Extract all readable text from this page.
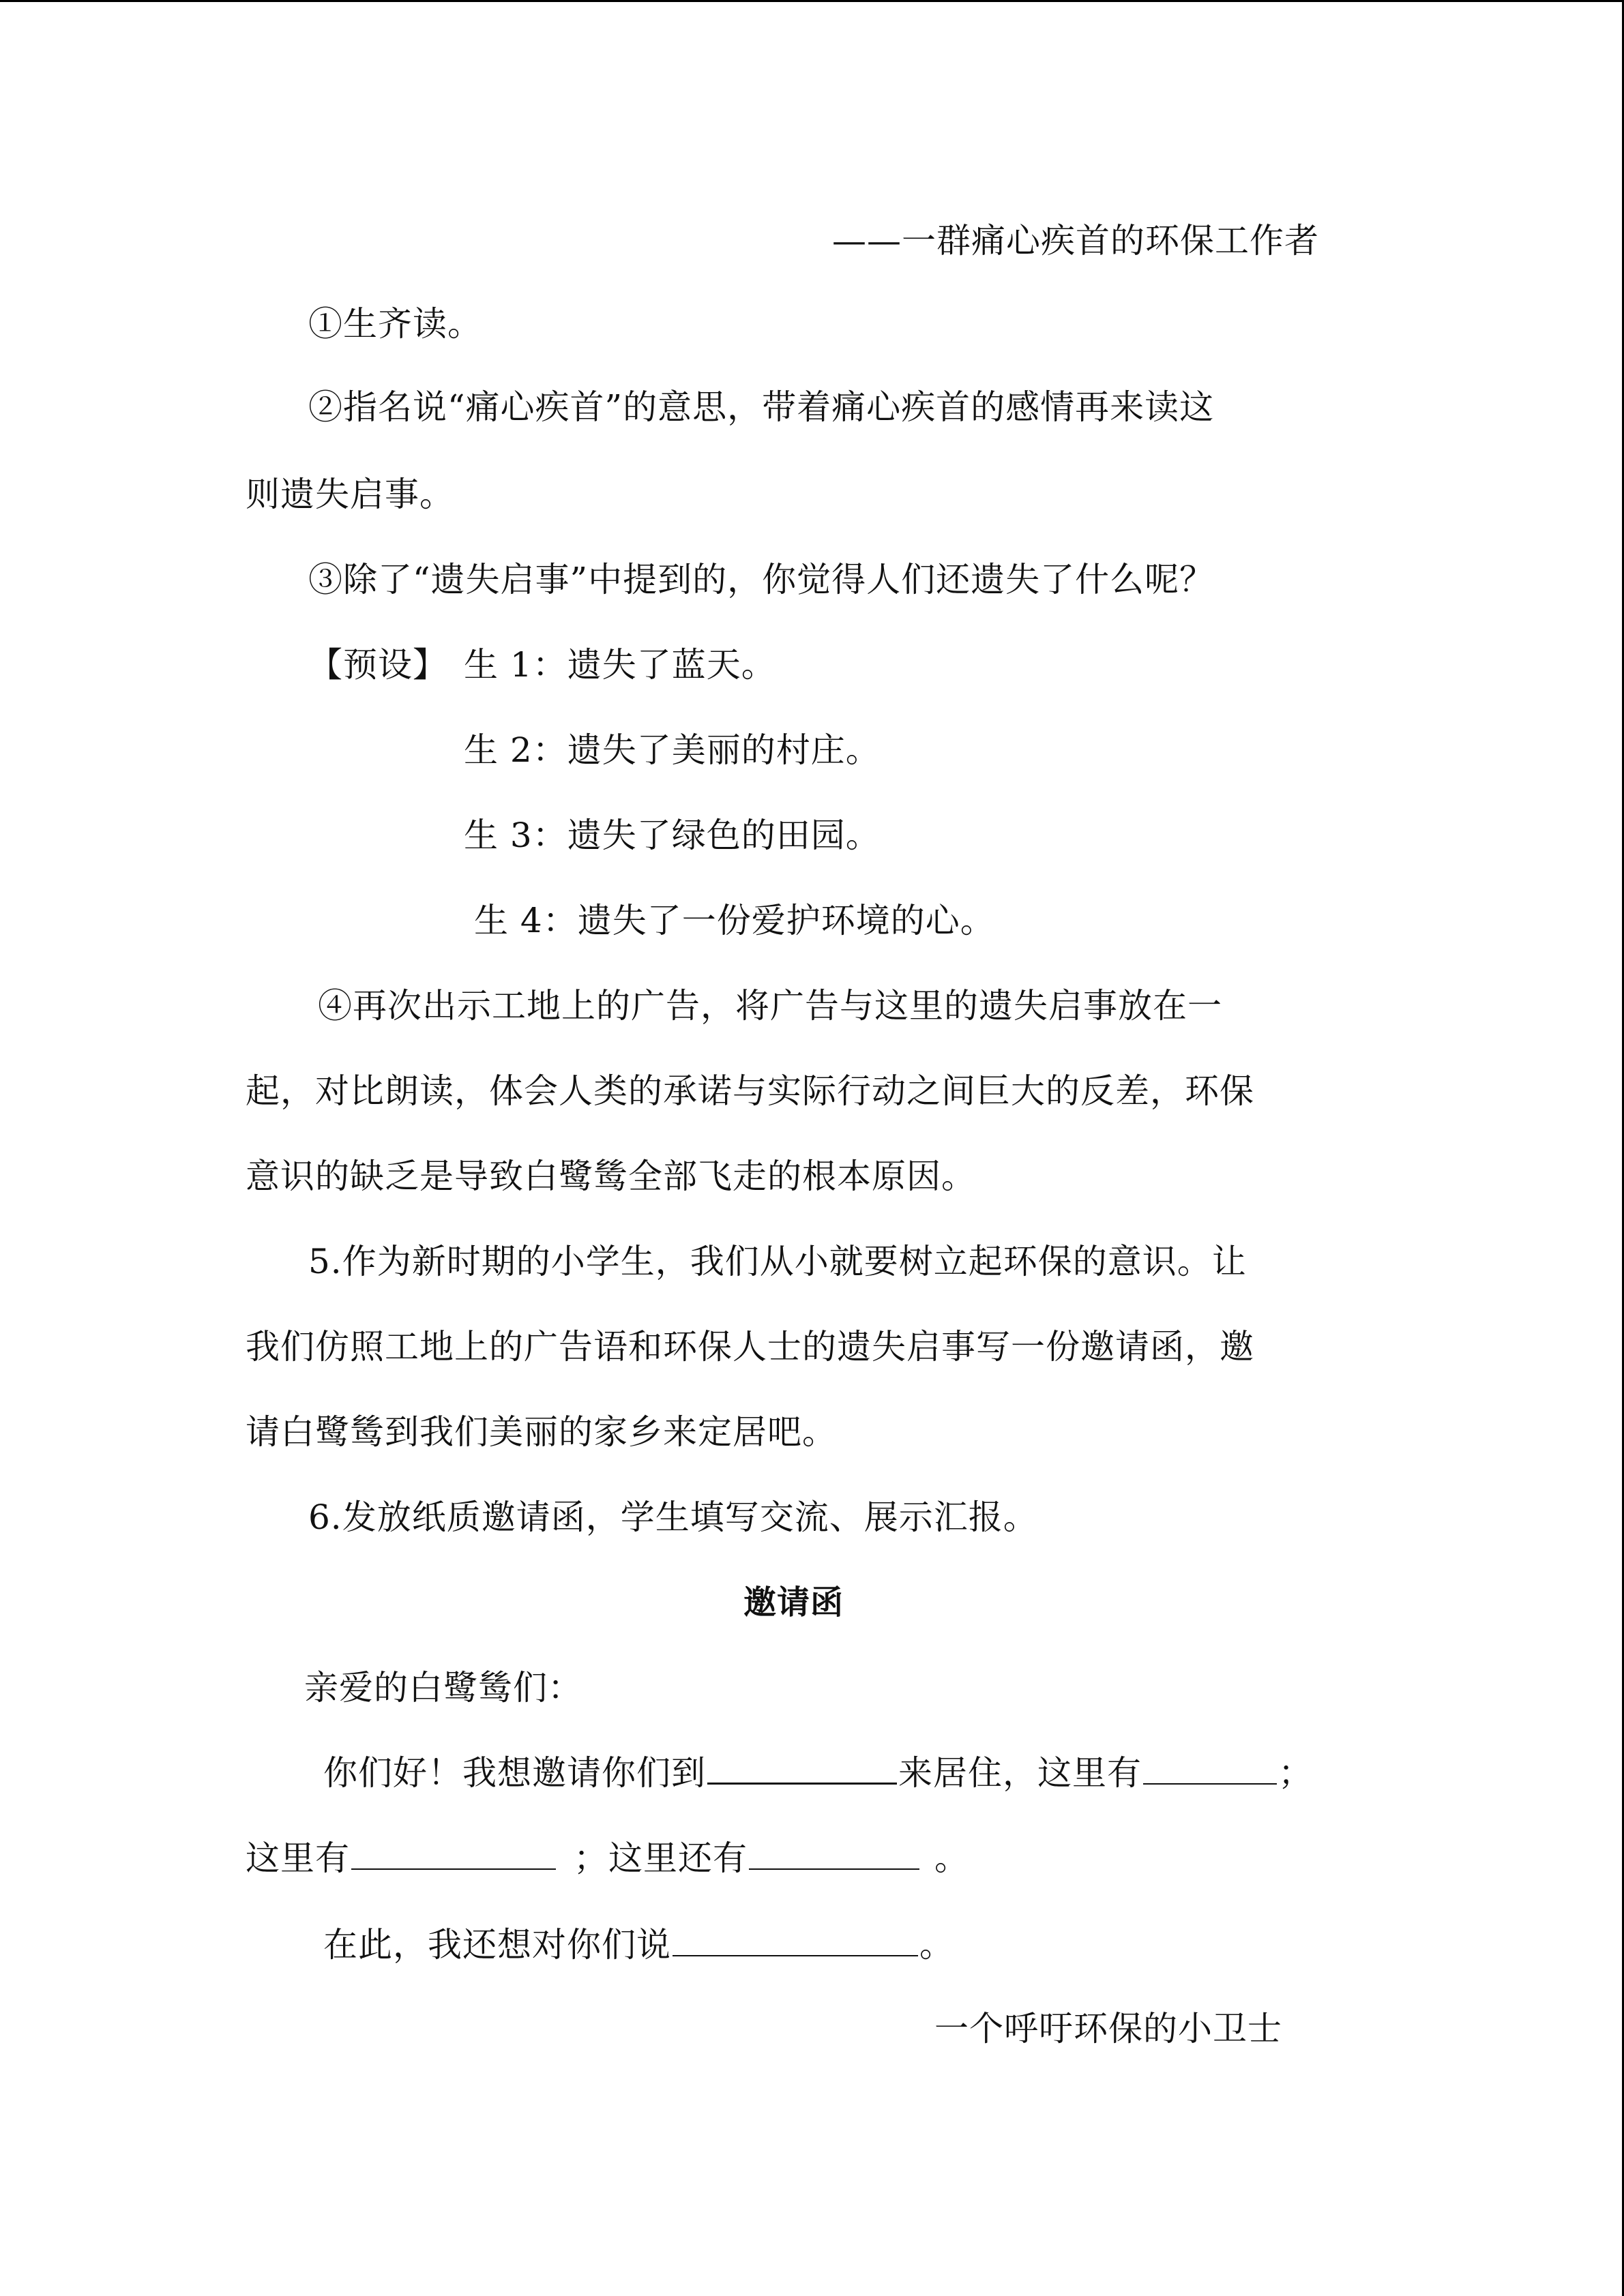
——一群痛心疾首的环保工作者
①生齐读。
②指名说“痛心疾首”的意思，带着痛心疾首的感情再来读这
则遗失启事。
③除了“遗失启事”中提到的，你觉得人们还遗失了什么呢？
【预设】 生 1：遗失了蓝天。
生 2：遗失了美丽的村庄。
生 3：遗失了绿色的田园。
生 4：遗失了一份爱护环境的心。
④再次出示工地上的广告，将广告与这里的遗失启事放在一
起，对比朗读，体会人类的承诺与实际行动之间巨大的反差，环保
意识的缺乏是导致白鹭鸶全部飞走的根本原因。
5.作为新时期的小学生，我们从小就要树立起环保的意识。让
我们仿照工地上的广告语和环保人士的遗失启事写一份邀请函，邀
请白鹭鸶到我们美丽的家乡来定居吧。
6.发放纸质邀请函，学生填写交流、展示汇报。
邀请函
亲爱的白鹭鸶们：
你们好！我想邀请你们到	来居住，这里有	；
这里有	；这里还有	。
在此，我还想对你们说	。
一个呼吁环保的小卫士
